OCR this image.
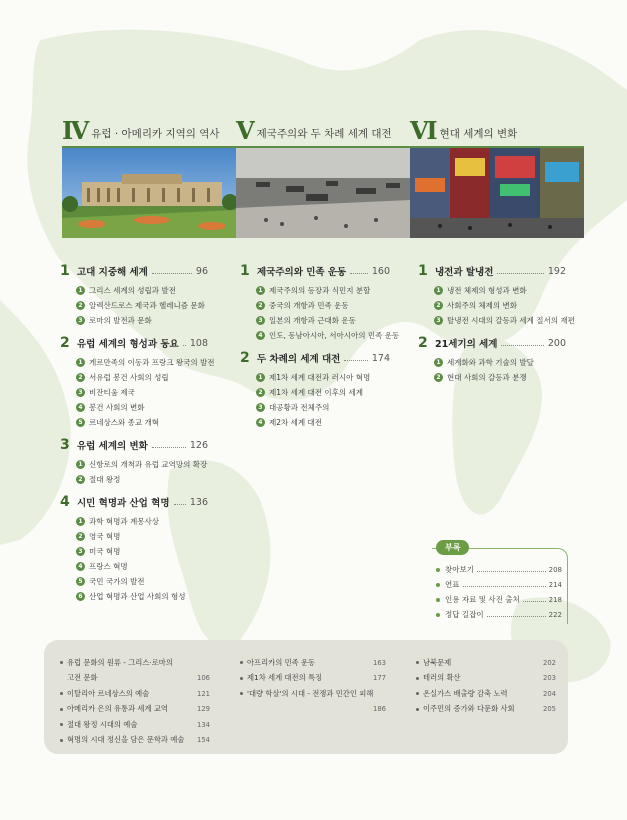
Ⅳ 유럽 · 아메리카 지역의 역사 Ⅴ 제국주의와 두 차례 세계 대전 Ⅵ 현대 세계의 변화
1 고대 지중해 세계	96
1 그리스 세계의 성립과 발전
2 알렉산드로스 제국과 헬레니즘 문화
3 로마의 발전과 문화
2 유럽 세계의 형성과 동요 108
1 게르만족의 이동과 프랑크 왕국의 발전
2 서유럽 봉건 사회의 성립
3 비잔티움 제국
4 봉건 사회의 변화
5 르네상스와 종교 개혁
3 유럽 세계의 변화	126
1 신항로의 개척과 유럽 교역망의 확장
2 절대 왕정
4 시민 혁명과 산업 혁명 136
1 과학 혁명과 계몽사상
2 영국 혁명
3 미국 혁명
4 프랑스 혁명
5 국민 국가의 발전
6 산업 혁명과 산업 사회의 형성
1 제국주의와 민족 운동	160
1 제국주의의 등장과 식민지 분할
2 중국의 개항과 민족 운동
3 일본의 개항과 근대화 운동
4 인도, 동남아시아, 서아시아의 민족 운동
2 두 차례의 세계 대전	174
1 제1차 세계 대전과 러시아 혁명
2 제1차 세계 대전 이후의 세계
3 대공황과 전체주의
4 제2차 세계 대전
1 냉전과 탈냉전	192
1 냉전 체제의 형성과 변화
2 사회주의 체제의 변화
3 탈냉전 시대의 갈등과 세계 질서의 재편
2 21세기의 세계	200
1 세계화와 과학 기술의 발달
2 현대 사회의 갈등과 분쟁
부록
찾아보기	208
연표	214
인용 자료 및 사진 출처	218
정답 길잡이	222
유럽 문화의 원류 - 그리스·로마의
고전 문화	106
이탈리아 르네상스의 예술	121
아메리카 은의 유통과 세계 교역	129
절대 왕정 시대의 예술	134
혁명의 시대 정신을 담은 문학과 예술 154
아프리카의 민족 운동	163
제1차 세계 대전의 특징	177
'대량 학살'의 시대 - 전쟁과 민간인 피해
186
남북문제	202
테러의 확산	203
온실가스 배출량 감축 노력	204
이주민의 증가와 다문화 사회	205
